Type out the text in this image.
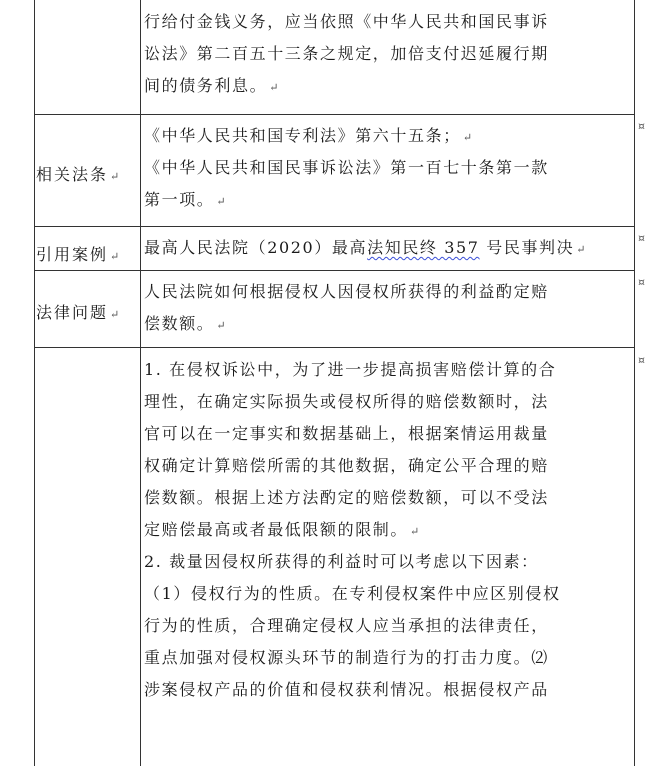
行给付金钱义务，应当依照《中华人民共和国民事诉
讼法》第二百五十三条之规定，加倍支付迟延履行期
间的债务利息。 ↵
相关法条 ↵
《中华人民共和国专利法》第六十五条； ↵
《中华人民共和国民事诉讼法》第一百七十条第一款
第一项。 ↵
¤
引用案例 ↵	最高人民法院（2020）最高法知民终 357 号民事判决 ↵
¤
法律问题 ↵
人民法院如何根据侵权人因侵权所获得的利益酌定赔
偿数额。 ↵
¤
1. 在侵权诉讼中，为了进一步提高损害赔偿计算的合
理性，在确定实际损失或侵权所得的赔偿数额时，法
官可以在一定事实和数据基础上，根据案情运用裁量
权确定计算赔偿所需的其他数据，确定公平合理的赔
偿数额。根据上述方法酌定的赔偿数额，可以不受法
定赔偿最高或者最低限额的限制。 ↵
2. 裁量因侵权所获得的利益时可以考虑以下因素：
（1）侵权行为的性质。在专利侵权案件中应区别侵权
行为的性质，合理确定侵权人应当承担的法律责任，
重点加强对侵权源头环节的制造行为的打击力度。⑵
涉案侵权产品的价值和侵权获利情况。根据侵权产品
¤
